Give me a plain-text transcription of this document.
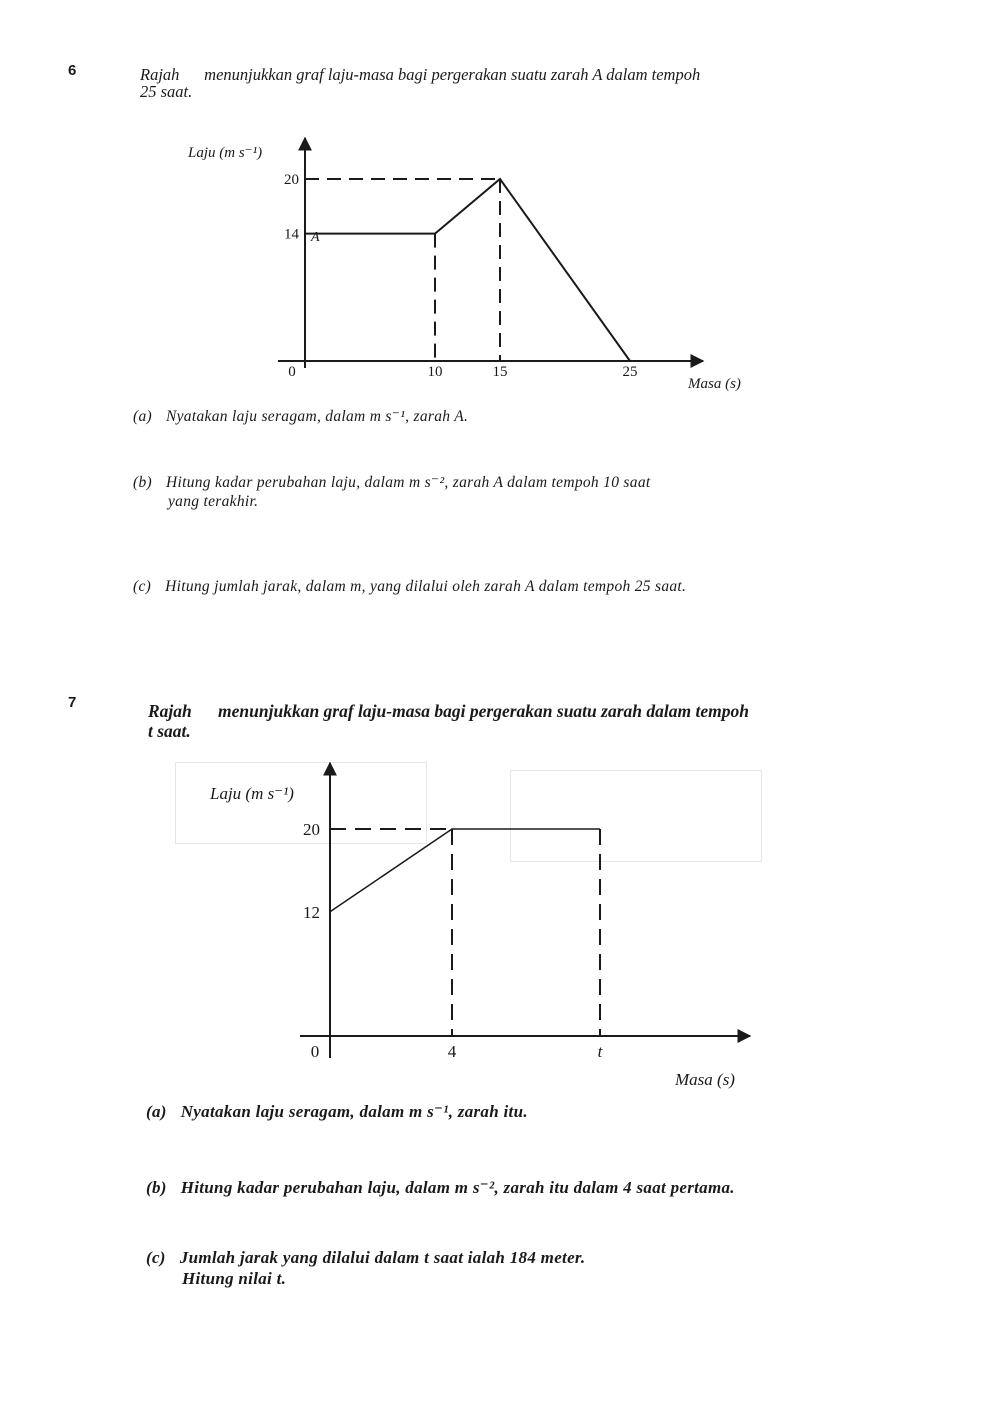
6	Rajah      menunjukkan graf laju-masa bagi pergerakan suatu zarah A dalam tempoh
25 saat.
0	10	15	25
14
20
Laju (m s⁻¹)
Masa (s)
A
(a) Nyatakan laju seragam, dalam m s⁻¹, zarah A.
(b) Hitung kadar perubahan laju, dalam m s⁻², zarah A dalam tempoh 10 saat
yang terakhir.
(c) Hitung jumlah jarak, dalam m, yang dilalui oleh zarah A dalam tempoh 25 saat.
7	Rajah      menunjukkan graf laju-masa bagi pergerakan suatu zarah dalam tempoh
t saat.
0	4	t
12
20
Laju (m s⁻¹)
Masa (s)
(a) Nyatakan laju seragam, dalam m s⁻¹, zarah itu.
(b) Hitung kadar perubahan laju, dalam m s⁻², zarah itu dalam 4 saat pertama.
(c) Jumlah jarak yang dilalui dalam t saat ialah 184 meter.
Hitung nilai t.
